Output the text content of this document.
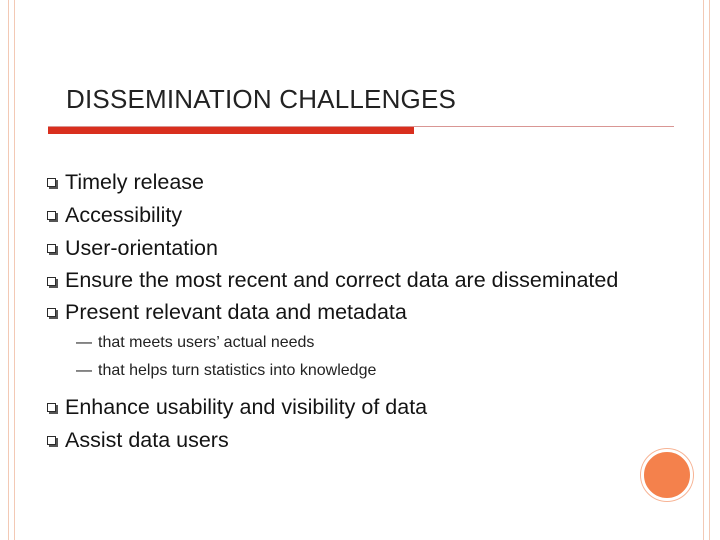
DISSEMINATION CHALLENGES
Timely release
Accessibility
User-orientation
Ensure the most recent and correct data are disseminated
Present relevant data and metadata
— that meets users’ actual needs
— that helps turn statistics into knowledge
Enhance usability and visibility of data
Assist data users
